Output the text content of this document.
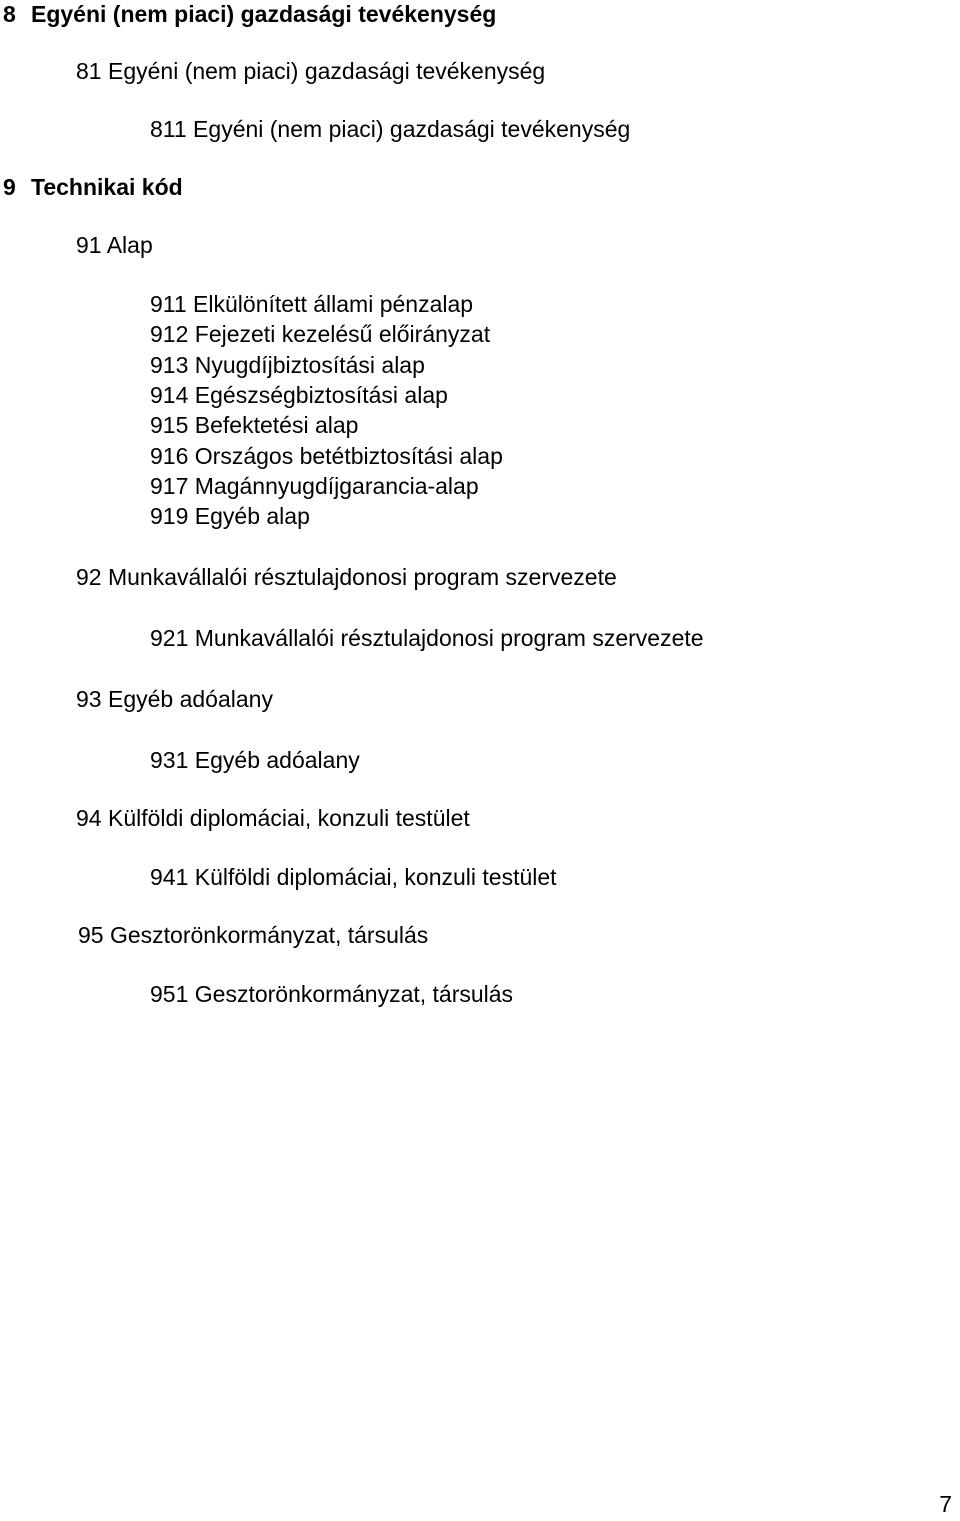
8 Egyéni (nem piaci) gazdasági tevékenység
81 Egyéni (nem piaci) gazdasági tevékenység
811 Egyéni (nem piaci) gazdasági tevékenység
9 Technikai kód
91 Alap
911 Elkülönített állami pénzalap
912 Fejezeti kezelésű előirányzat
913 Nyugdíjbiztosítási alap
914 Egészségbiztosítási alap
915 Befektetési alap
916 Országos betétbiztosítási alap
917 Magánnyugdíjgarancia-alap
919 Egyéb alap
92 Munkavállalói résztulajdonosi program szervezete
921 Munkavállalói résztulajdonosi program szervezete
93 Egyéb adóalany
931 Egyéb adóalany
94 Külföldi diplomáciai, konzuli testület
941 Külföldi diplomáciai, konzuli testület
95 Gesztorönkormányzat, társulás
951 Gesztorönkormányzat, társulás
7
